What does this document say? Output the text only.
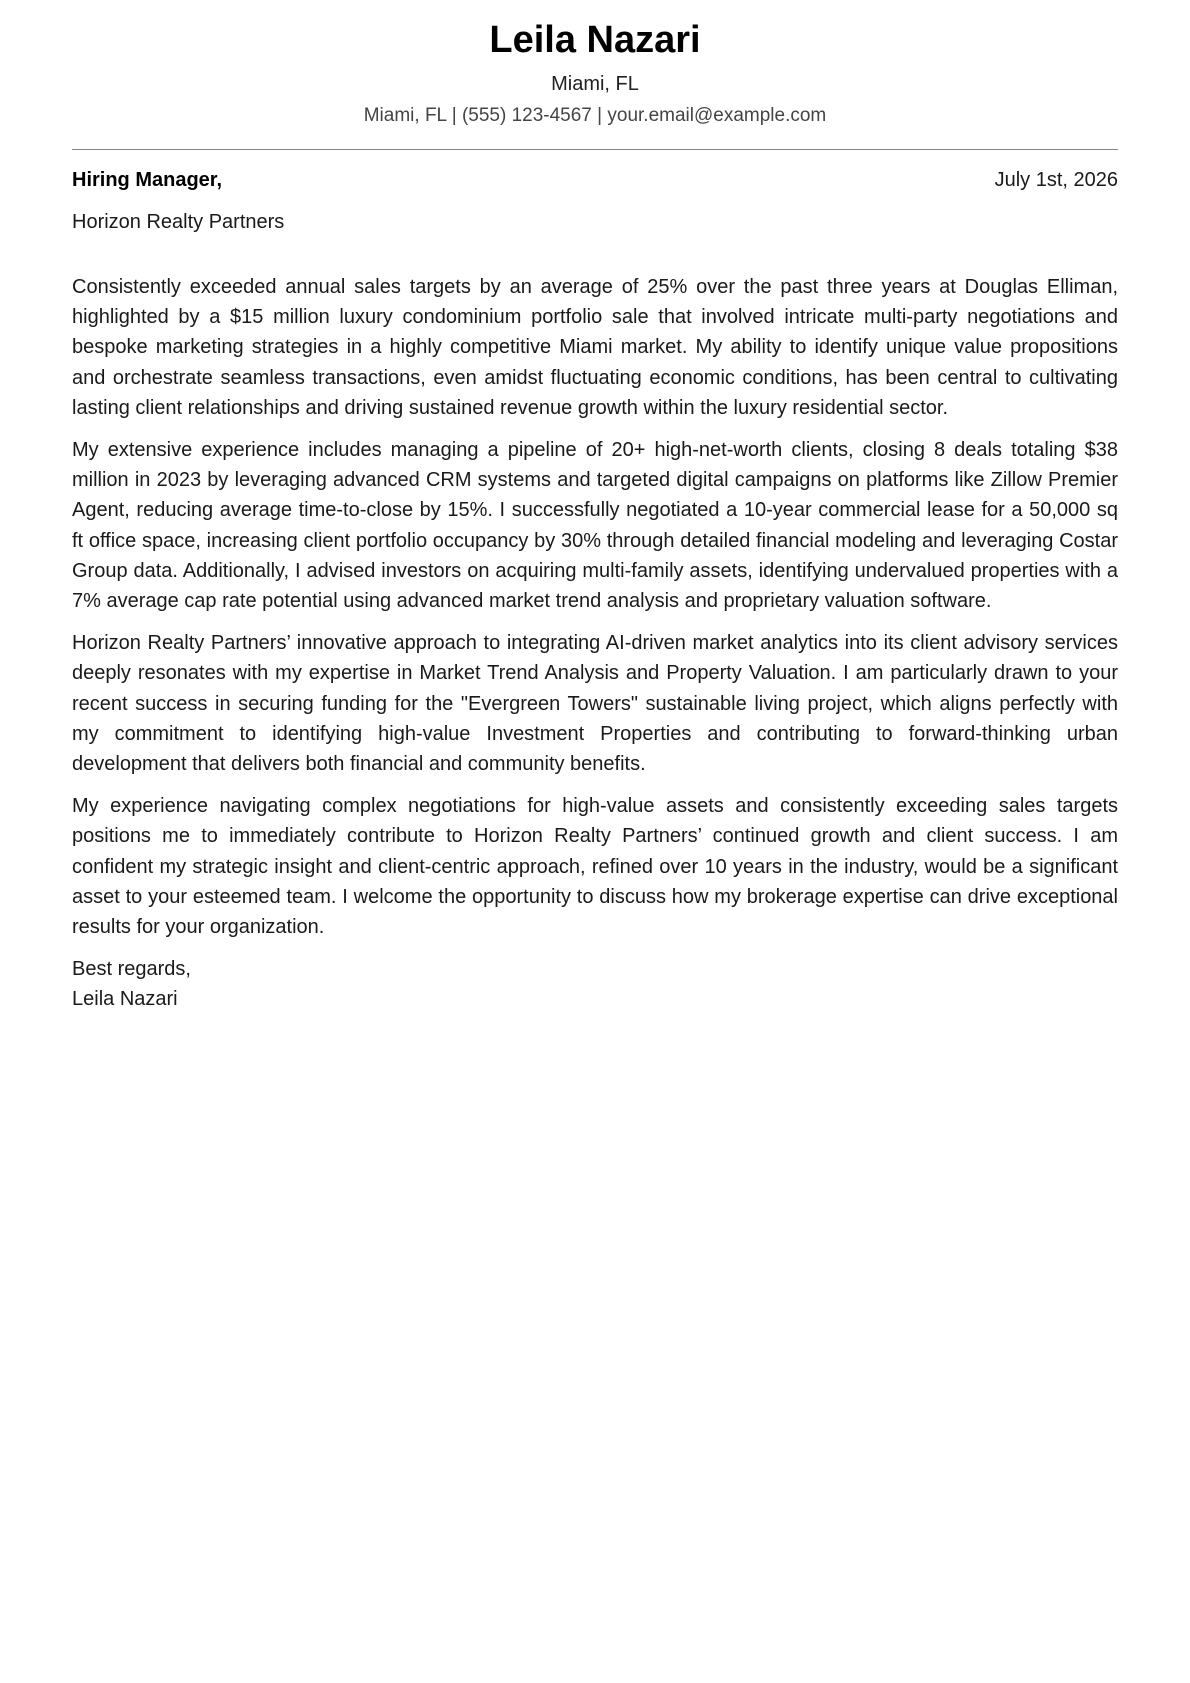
Leila Nazari
Miami, FL
Miami, FL | (555) 123-4567 | your.email@example.com
Hiring Manager,	July 1st, 2026
Horizon Realty Partners

Consistently exceeded annual sales targets by an average of 25% over the past three years at Douglas Elliman, highlighted by a $15 million luxury condominium portfolio sale that involved intricate multi-party negotiations and bespoke marketing strategies in a highly competitive Miami market. My ability to identify unique value propositions and orchestrate seamless transactions, even amidst fluctuating economic conditions, has been central to cultivating lasting client relationships and driving sustained revenue growth within the luxury residential sector.

My extensive experience includes managing a pipeline of 20+ high-net-worth clients, closing 8 deals totaling $38 million in 2023 by leveraging advanced CRM systems and targeted digital campaigns on platforms like Zillow Premier Agent, reducing average time-to-close by 15%. I successfully negotiated a 10-year commercial lease for a 50,000 sq ft office space, increasing client portfolio occupancy by 30% through detailed financial modeling and leveraging Costar Group data. Additionally, I advised investors on acquiring multi-family assets, identifying undervalued properties with a 7% average cap rate potential using advanced market trend analysis and proprietary valuation software.

Horizon Realty Partners’ innovative approach to integrating AI-driven market analytics into its client advisory services deeply resonates with my expertise in Market Trend Analysis and Property Valuation. I am particularly drawn to your recent success in securing funding for the "Evergreen Towers" sustainable living project, which aligns perfectly with my commitment to identifying high-value Investment Properties and contributing to forward-thinking urban development that delivers both financial and community benefits.

My experience navigating complex negotiations for high-value assets and consistently exceeding sales targets positions me to immediately contribute to Horizon Realty Partners’ continued growth and client success. I am confident my strategic insight and client-centric approach, refined over 10 years in the industry, would be a significant asset to your esteemed team. I welcome the opportunity to discuss how my brokerage expertise can drive exceptional results for your organization.

Best regards,
Leila Nazari
